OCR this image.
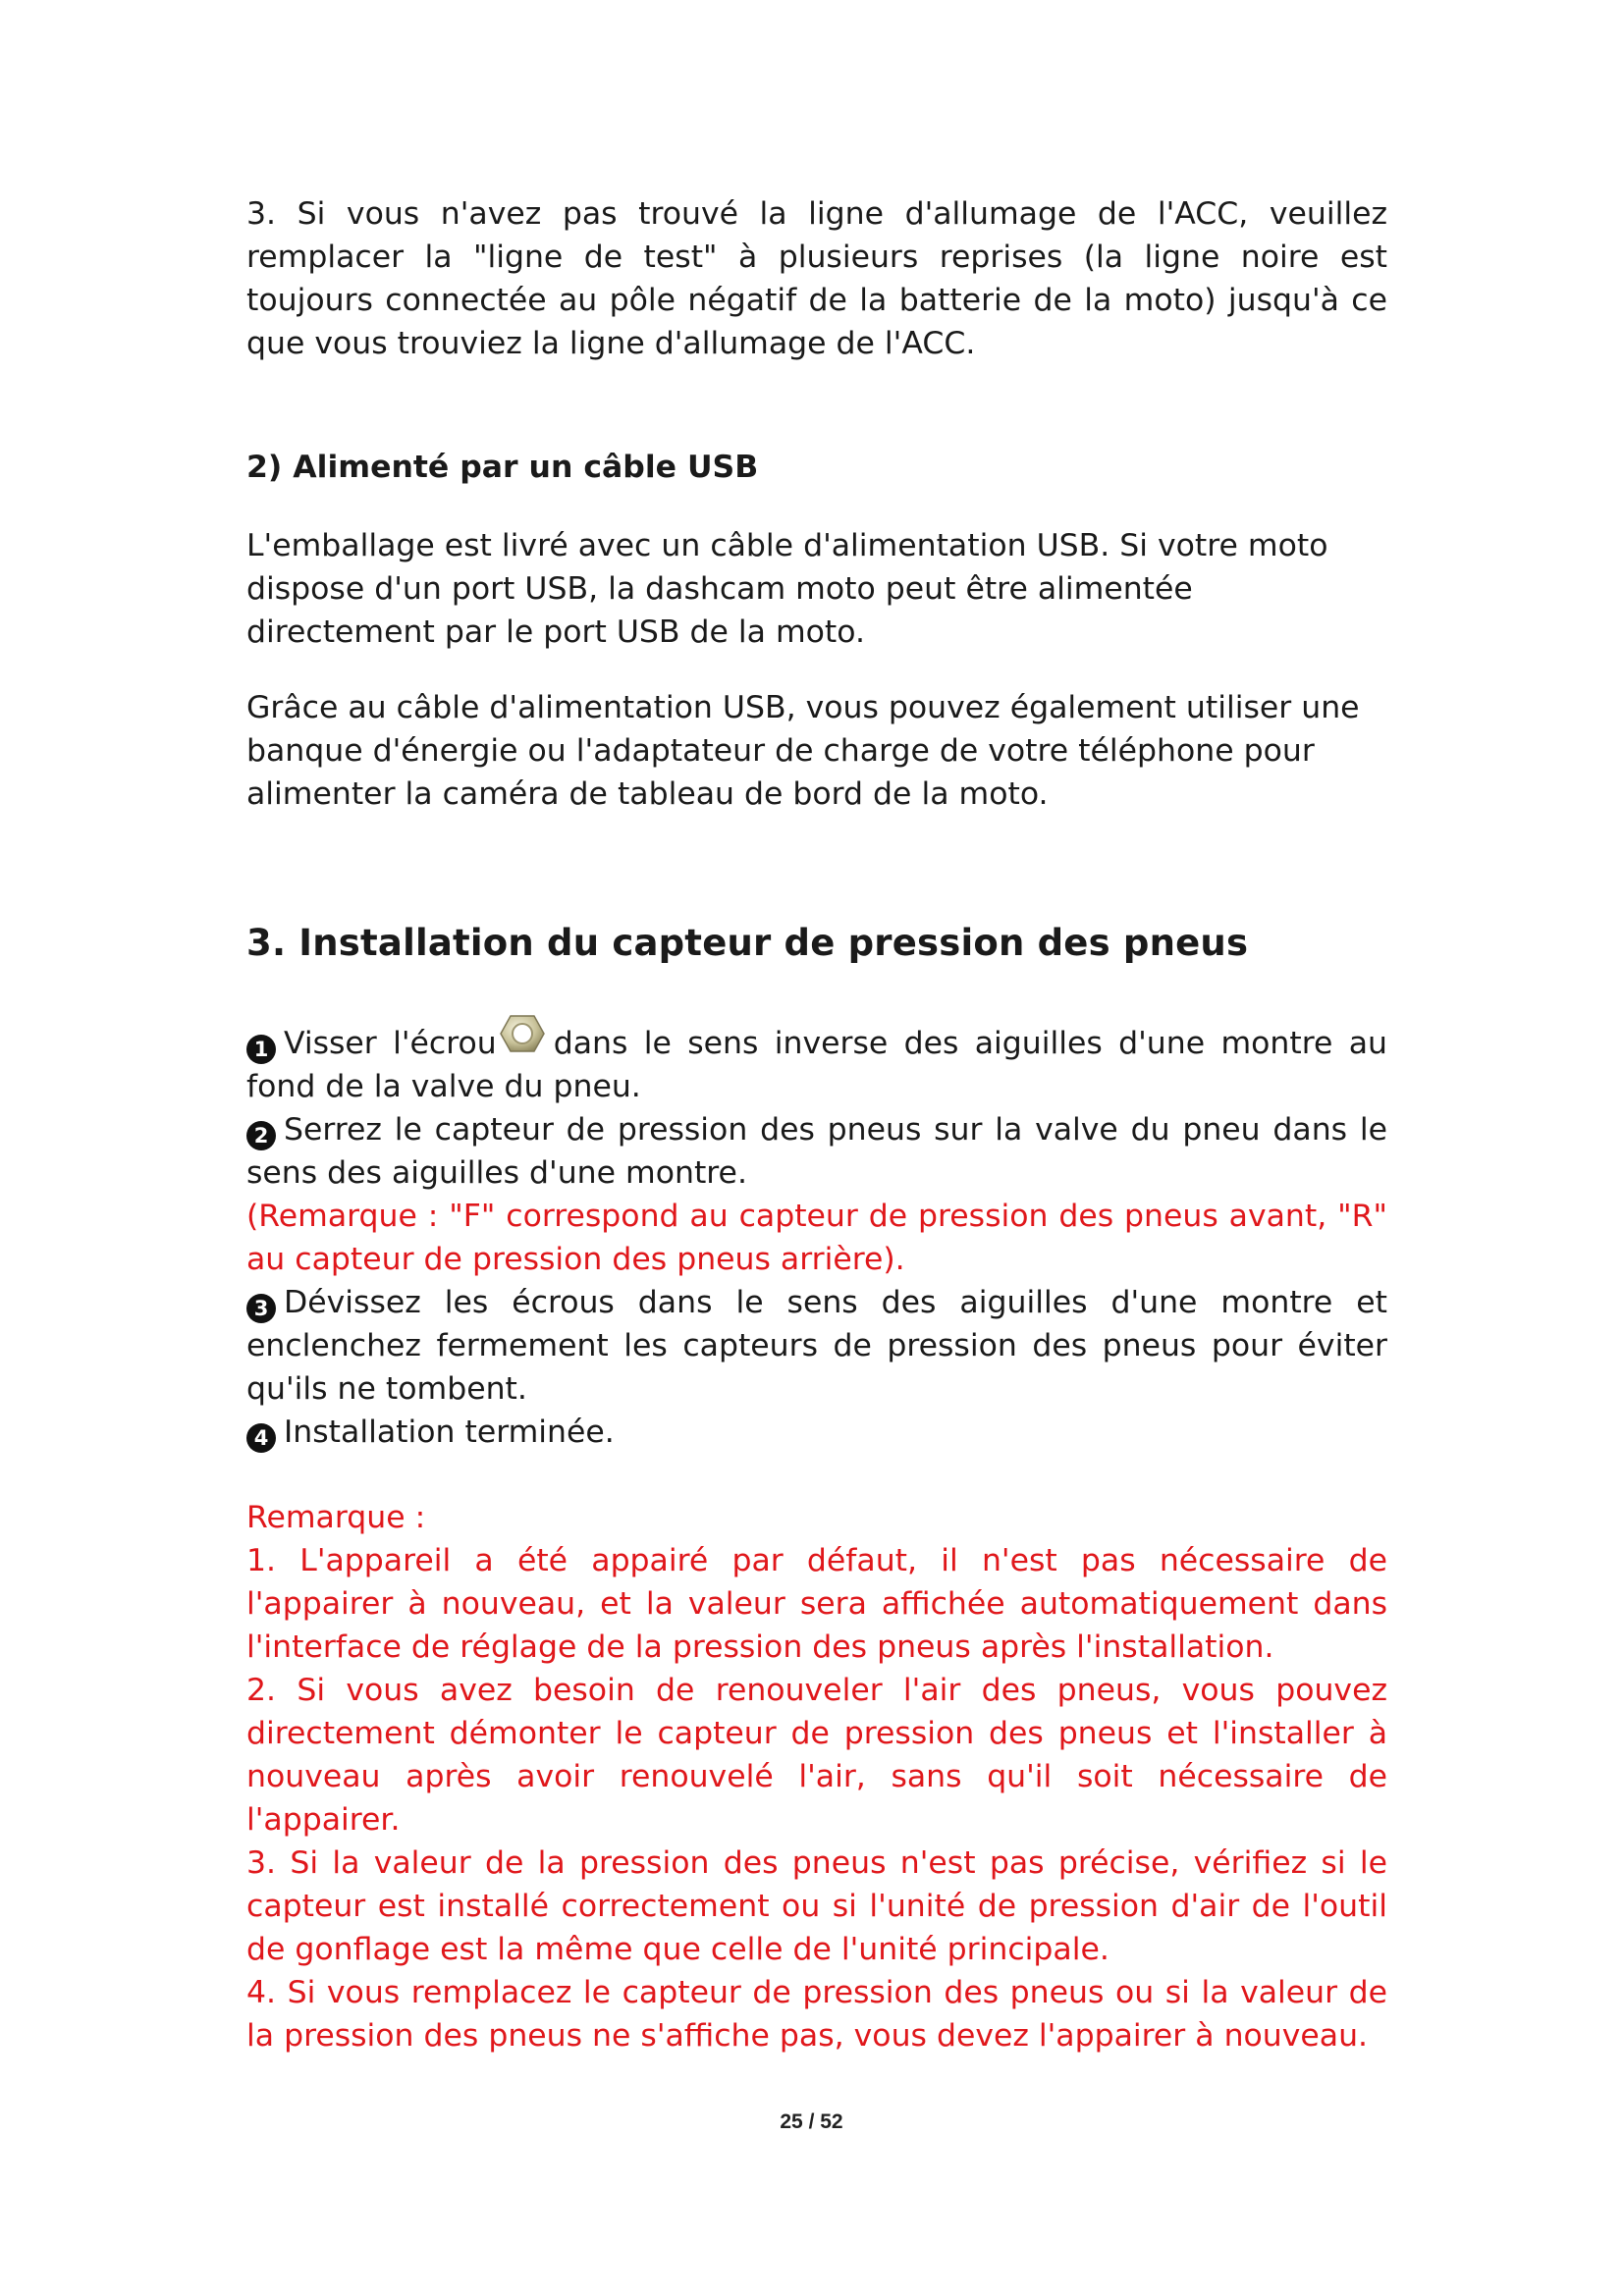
3. Si vous n'avez pas trouvé la ligne d'allumage de l'ACC, veuillez remplacer la "ligne de test" à plusieurs reprises (la ligne noire est toujours connectée au pôle négatif de la batterie de la moto) jusqu'à ce que vous trouviez la ligne d'allumage de l'ACC.

2) Alimenté par un câble USB

L'emballage est livré avec un câble d'alimentation USB. Si votre moto dispose d'un port USB, la dashcam moto peut être alimentée directement par le port USB de la moto.

Grâce au câble d'alimentation USB, vous pouvez également utiliser une banque d'énergie ou l'adaptateur de charge de votre téléphone pour alimenter la caméra de tableau de bord de la moto.

3. Installation du capteur de pression des pneus

1 Visser l'écrou dans le sens inverse des aiguilles d'une montre au fond de la valve du pneu.

2 Serrez le capteur de pression des pneus sur la valve du pneu dans le sens des aiguilles d'une montre.

(Remarque : "F" correspond au capteur de pression des pneus avant, "R" au capteur de pression des pneus arrière).

3 Dévissez les écrous dans le sens des aiguilles d'une montre et enclenchez fermement les capteurs de pression des pneus pour éviter qu'ils ne tombent.

4 Installation terminée.

Remarque :

1. L'appareil a été appairé par défaut, il n'est pas nécessaire de l'appairer à nouveau, et la valeur sera affichée automatiquement dans l'interface de réglage de la pression des pneus après l'installation.

2. Si vous avez besoin de renouveler l'air des pneus, vous pouvez directement démonter le capteur de pression des pneus et l'installer à nouveau après avoir renouvelé l'air, sans qu'il soit nécessaire de l'appairer.

3. Si la valeur de la pression des pneus n'est pas précise, vérifiez si le capteur est installé correctement ou si l'unité de pression d'air de l'outil de gonflage est la même que celle de l'unité principale.

4. Si vous remplacez le capteur de pression des pneus ou si la valeur de la pression des pneus ne s'affiche pas, vous devez l'appairer à nouveau.

25 / 52
